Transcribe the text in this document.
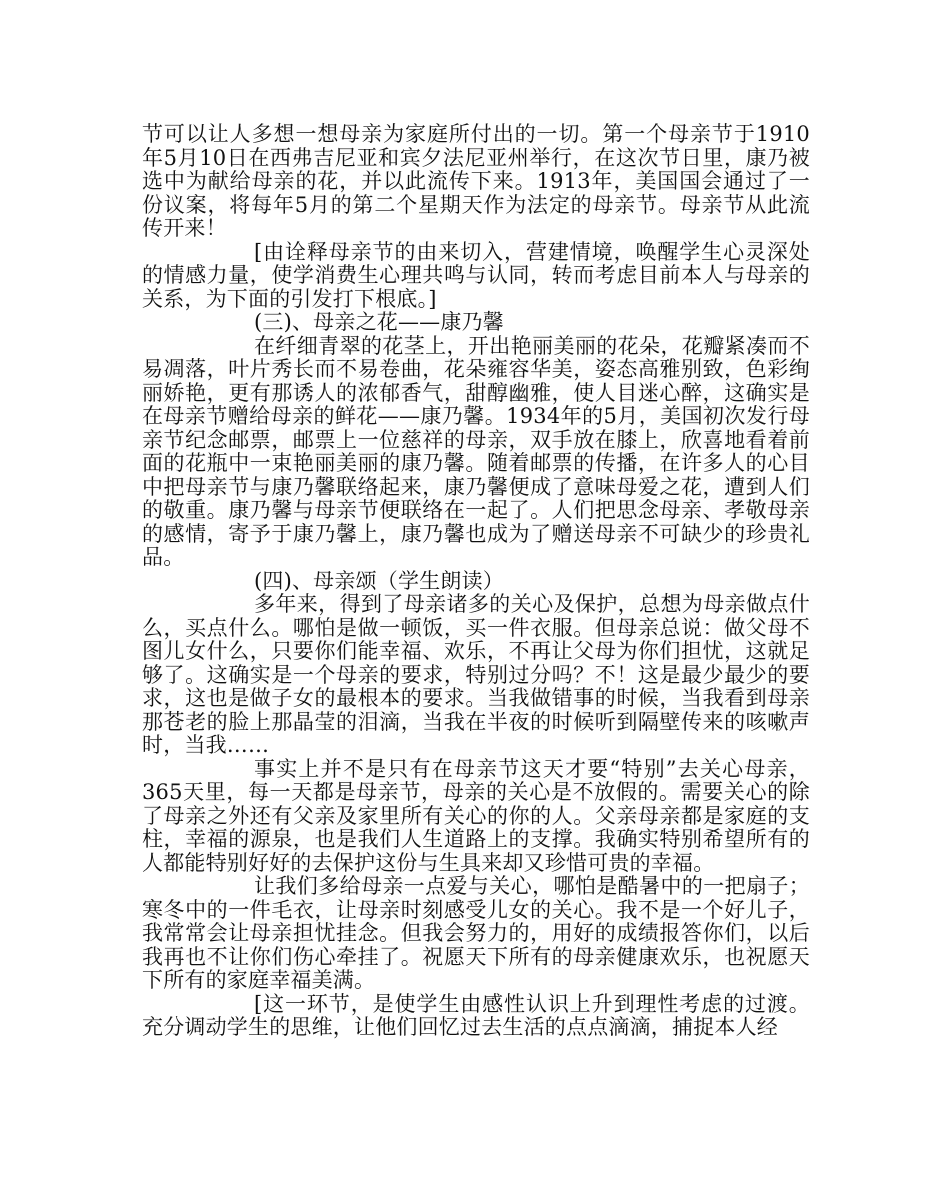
节可以让人多想一想母亲为家庭所付出的一切。第一个母亲节于1910年5月10日在西弗吉尼亚和宾夕法尼亚州举行，在这次节日里，康乃被选中为献给母亲的花，并以此流传下来。1913年，美国国会通过了一份议案，将每年5月的第二个星期天作为法定的母亲节。母亲节从此流传开来！

[由诠释母亲节的由来切入，营建情境，唤醒学生心灵深处的情感力量，使学消费生心理共鸣与认同，转而考虑目前本人与母亲的关系，为下面的引发打下根底。]

(三)、母亲之花——康乃馨

在纤细青翠的花茎上，开出艳丽美丽的花朵，花瓣紧凑而不易凋落，叶片秀长而不易卷曲，花朵雍容华美，姿态高雅别致，色彩绚丽娇艳，更有那诱人的浓郁香气，甜醇幽雅，使人目迷心醉，这确实是在母亲节赠给母亲的鲜花——康乃馨。1934年的5月，美国初次发行母亲节纪念邮票，邮票上一位慈祥的母亲，双手放在膝上，欣喜地看着前面的花瓶中一束艳丽美丽的康乃馨。随着邮票的传播，在许多人的心目中把母亲节与康乃馨联络起来，康乃馨便成了意味母爱之花，遭到人们的敬重。康乃馨与母亲节便联络在一起了。人们把思念母亲、孝敬母亲的感情，寄予于康乃馨上，康乃馨也成为了赠送母亲不可缺少的珍贵礼品。

(四)、母亲颂（学生朗读）

多年来，得到了母亲诸多的关心及保护，总想为母亲做点什么，买点什么。哪怕是做一顿饭，买一件衣服。但母亲总说：做父母不图儿女什么，只要你们能幸福、欢乐，不再让父母为你们担忧，这就足够了。这确实是一个母亲的要求，特别过分吗？不！这是最少最少的要求，这也是做子女的最根本的要求。当我做错事的时候，当我看到母亲那苍老的脸上那晶莹的泪滴，当我在半夜的时候听到隔壁传来的咳嗽声时，当我……

事实上并不是只有在母亲节这天才要“特别”去关心母亲，365天里，每一天都是母亲节，母亲的关心是不放假的。需要关心的除了母亲之外还有父亲及家里所有关心的你的人。父亲母亲都是家庭的支柱，幸福的源泉，也是我们人生道路上的支撑。我确实特别希望所有的人都能特别好好的去保护这份与生具来却又珍惜可贵的幸福。

让我们多给母亲一点爱与关心，哪怕是酷暑中的一把扇子；寒冬中的一件毛衣，让母亲时刻感受儿女的关心。我不是一个好儿子，我常常会让母亲担忧挂念。但我会努力的，用好的成绩报答你们，以后我再也不让你们伤心牵挂了。祝愿天下所有的母亲健康欢乐，也祝愿天下所有的家庭幸福美满。

[这一环节，是使学生由感性认识上升到理性考虑的过渡。充分调动学生的思维，让他们回忆过去生活的点点滴滴，捕捉本人经
